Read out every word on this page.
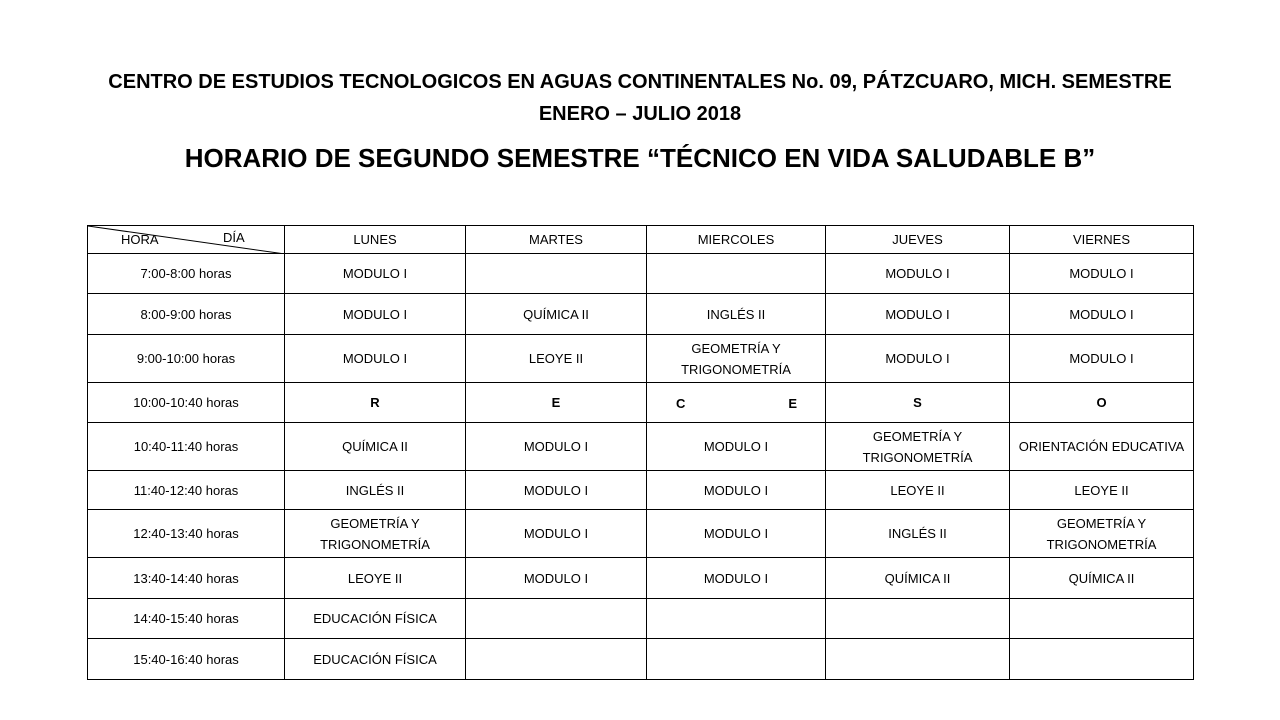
CENTRO DE ESTUDIOS TECNOLOGICOS EN AGUAS CONTINENTALES No. 09, PÁTZCUARO, MICH. SEMESTRE ENERO – JULIO 2018
HORARIO DE SEGUNDO SEMESTRE “TÉCNICO EN VIDA SALUDABLE B”
HORA DÍA	LUNES	MARTES	MIERCOLES	JUEVES	VIERNES
7:00-8:00 horas	MODULO I			MODULO I	MODULO I
8:00-9:00 horas	MODULO I	QUÍMICA II	INGLÉS II	MODULO I	MODULO I
9:00-10:00 horas	MODULO I	LEOYE II	GEOMETRÍA Y TRIGONOMETRÍA	MODULO I	MODULO I
10:00-10:40 horas	R	E	C E	S	O
10:40-11:40 horas	QUÍMICA II	MODULO I	MODULO I	GEOMETRÍA Y TRIGONOMETRÍA	ORIENTACIÓN EDUCATIVA
11:40-12:40 horas	INGLÉS II	MODULO I	MODULO I	LEOYE II	LEOYE II
12:40-13:40 horas	GEOMETRÍA Y TRIGONOMETRÍA	MODULO I	MODULO I	INGLÉS II	GEOMETRÍA Y TRIGONOMETRÍA
13:40-14:40 horas	LEOYE II	MODULO I	MODULO I	QUÍMICA II	QUÍMICA II
14:40-15:40 horas	EDUCACIÓN FÍSICA				
15:40-16:40 horas	EDUCACIÓN FÍSICA				
